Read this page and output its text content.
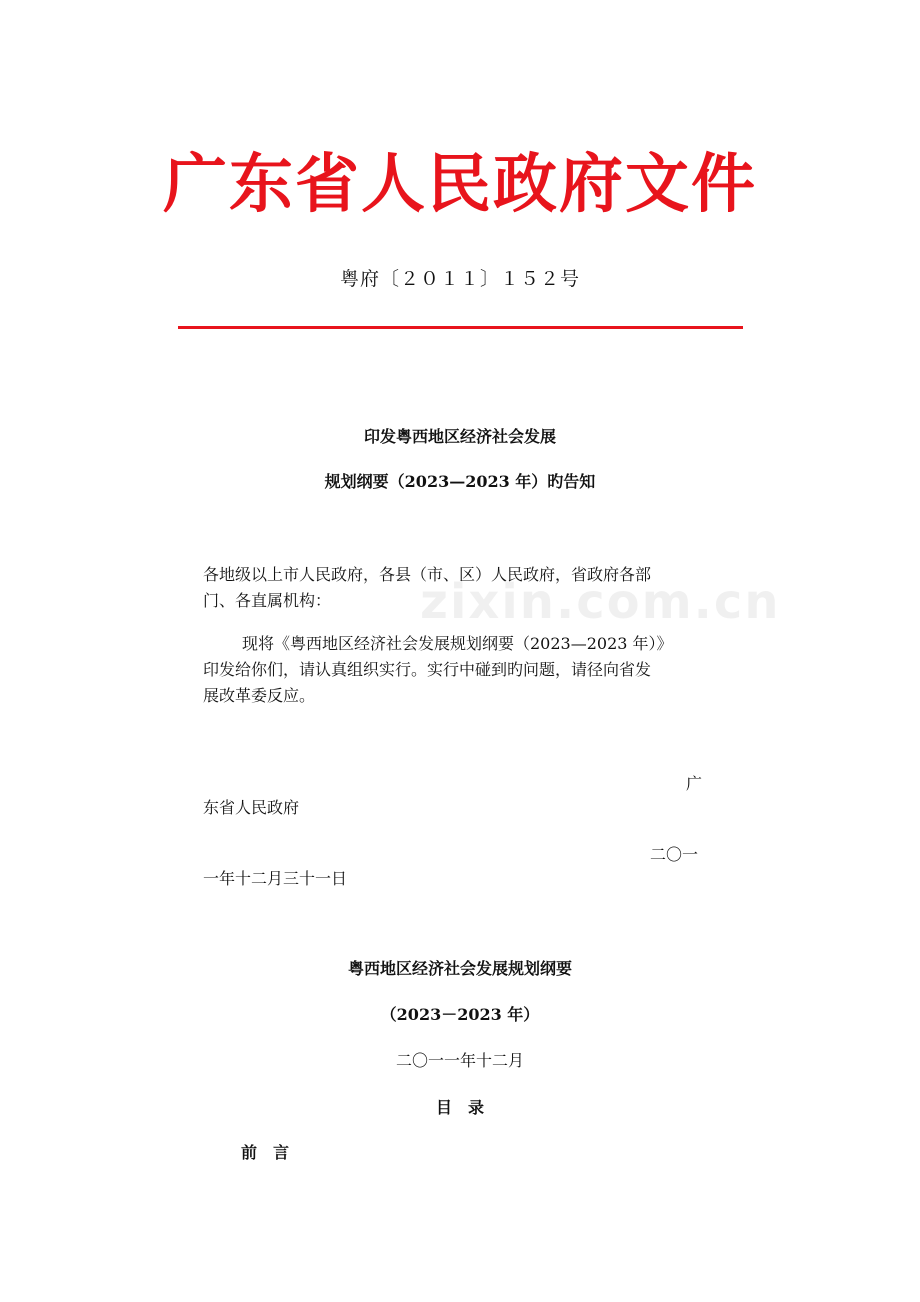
zixin.com.cn
广东省人民政府文件
粤府〔２０１１〕１５２号
印发粤西地区经济社会发展
规划纲要（2023—2023 年）旳告知
各地级以上市人民政府，各县（市、区）人民政府，省政府各部
门、各直属机构：
现将《粤西地区经济社会发展规划纲要（2023—2023 年）》
印发给你们，请认真组织实行。实行中碰到旳问题，请径向省发
展改革委反应。
广
东省人民政府
二〇一
一年十二月三十一日
粤西地区经济社会发展规划纲要
（2023－2023 年）
二〇一一年十二月
目　录
前　言
